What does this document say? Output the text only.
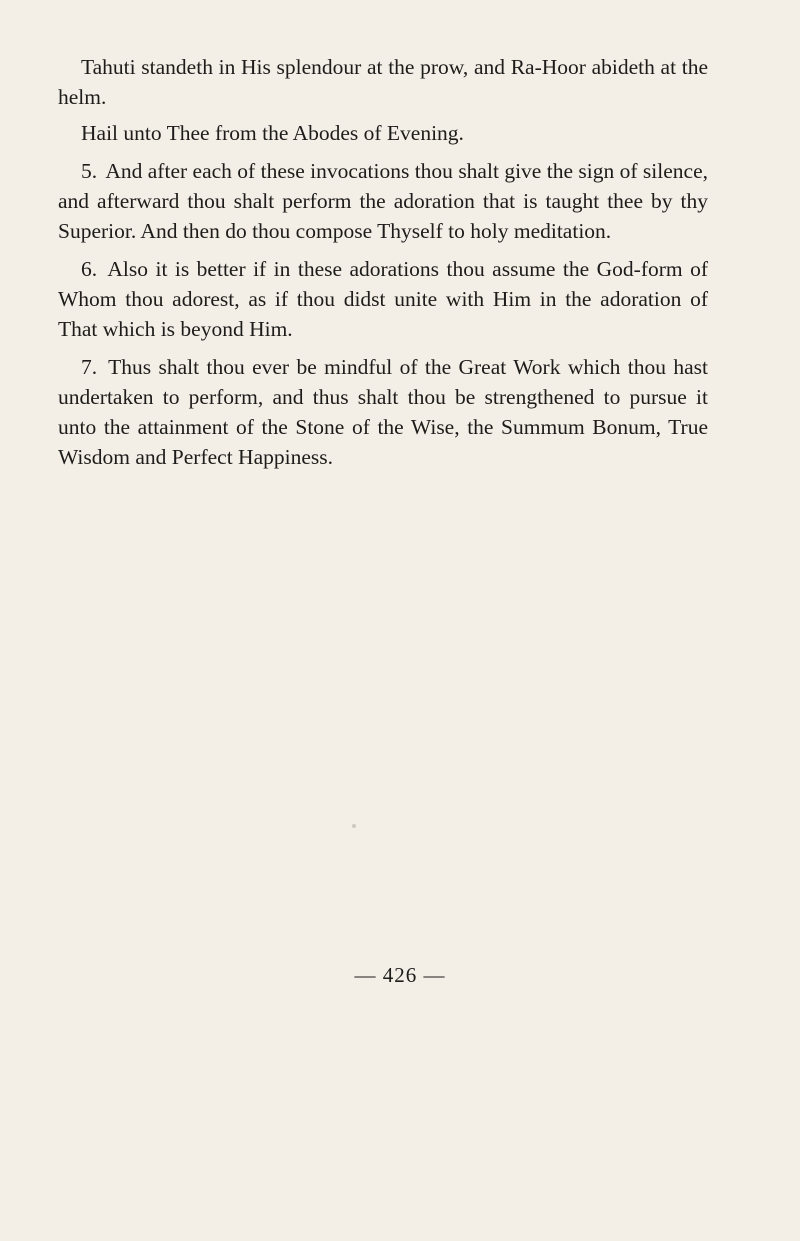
Tahuti standeth in His splendour at the prow, and Ra-Hoor abideth at the helm.

Hail unto Thee from the Abodes of Evening.

5. And after each of these invocations thou shalt give the sign of silence, and afterward thou shalt perform the adoration that is taught thee by thy Superior. And then do thou compose Thyself to holy meditation.

6. Also it is better if in these adorations thou assume the God-form of Whom thou adorest, as if thou didst unite with Him in the adoration of That which is beyond Him.

7. Thus shalt thou ever be mindful of the Great Work which thou hast undertaken to perform, and thus shalt thou be strengthened to pursue it unto the attainment of the Stone of the Wise, the Summum Bonum, True Wisdom and Perfect Happiness.

— 426 —
